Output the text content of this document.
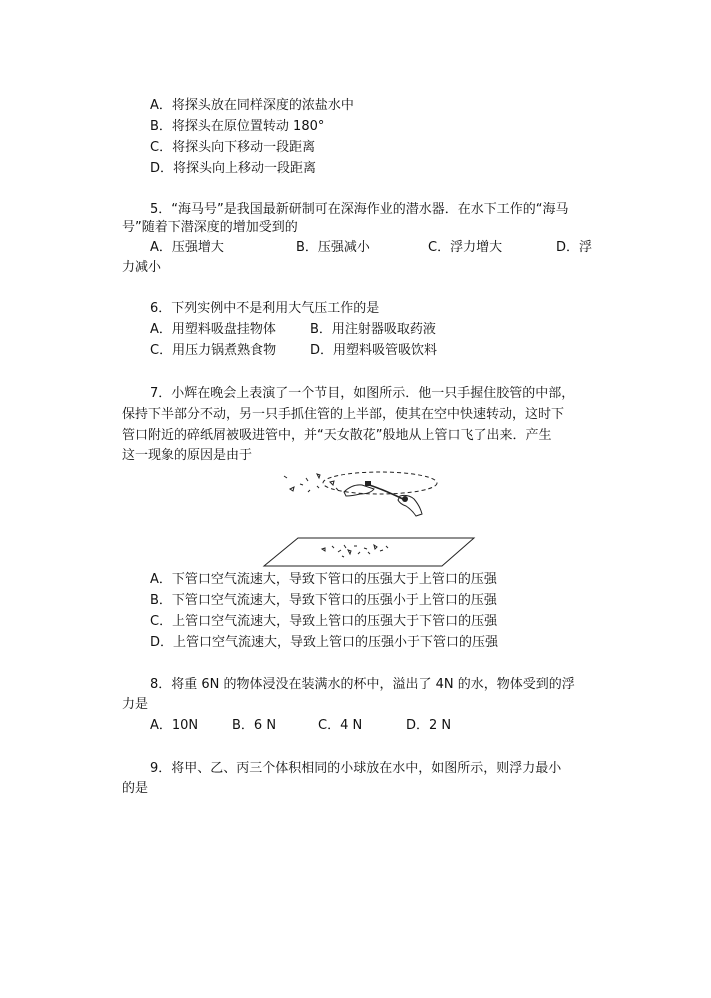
A．将探头放在同样深度的浓盐水中
B．将探头在原位置转动 180°
C．将探头向下移动一段距离
D．将探头向上移动一段距离
5．“海马号”是我国最新研制可在深海作业的潜水器．在水下工作的“海马
号”随着下潜深度的增加受到的
A．压强增大	B．压强减小	C．浮力增大	D．浮
力减小
6．下列实例中不是利用大气压工作的是
A．用塑料吸盘挂物体	B．用注射器吸取药液
C．用压力锅煮熟食物	D．用塑料吸管吸饮料
7．小辉在晚会上表演了一个节目，如图所示．他一只手握住胶管的中部，
保持下半部分不动，另一只手抓住管的上半部，使其在空中快速转动，这时下
管口附近的碎纸屑被吸进管中，并“天女散花”般地从上管口飞了出来．产生
这一现象的原因是由于
A．下管口空气流速大，导致下管口的压强大于上管口的压强
B．下管口空气流速大，导致下管口的压强小于上管口的压强
C．上管口空气流速大，导致上管口的压强大于下管口的压强
D．上管口空气流速大，导致上管口的压强小于下管口的压强
8．将重 6N 的物体浸没在装满水的杯中，溢出了 4N 的水，物体受到的浮
力是
A．10N	B．6 N	C．4 N	D．2 N
9．将甲、乙、丙三个体积相同的小球放在水中，如图所示，则浮力最小
的是
